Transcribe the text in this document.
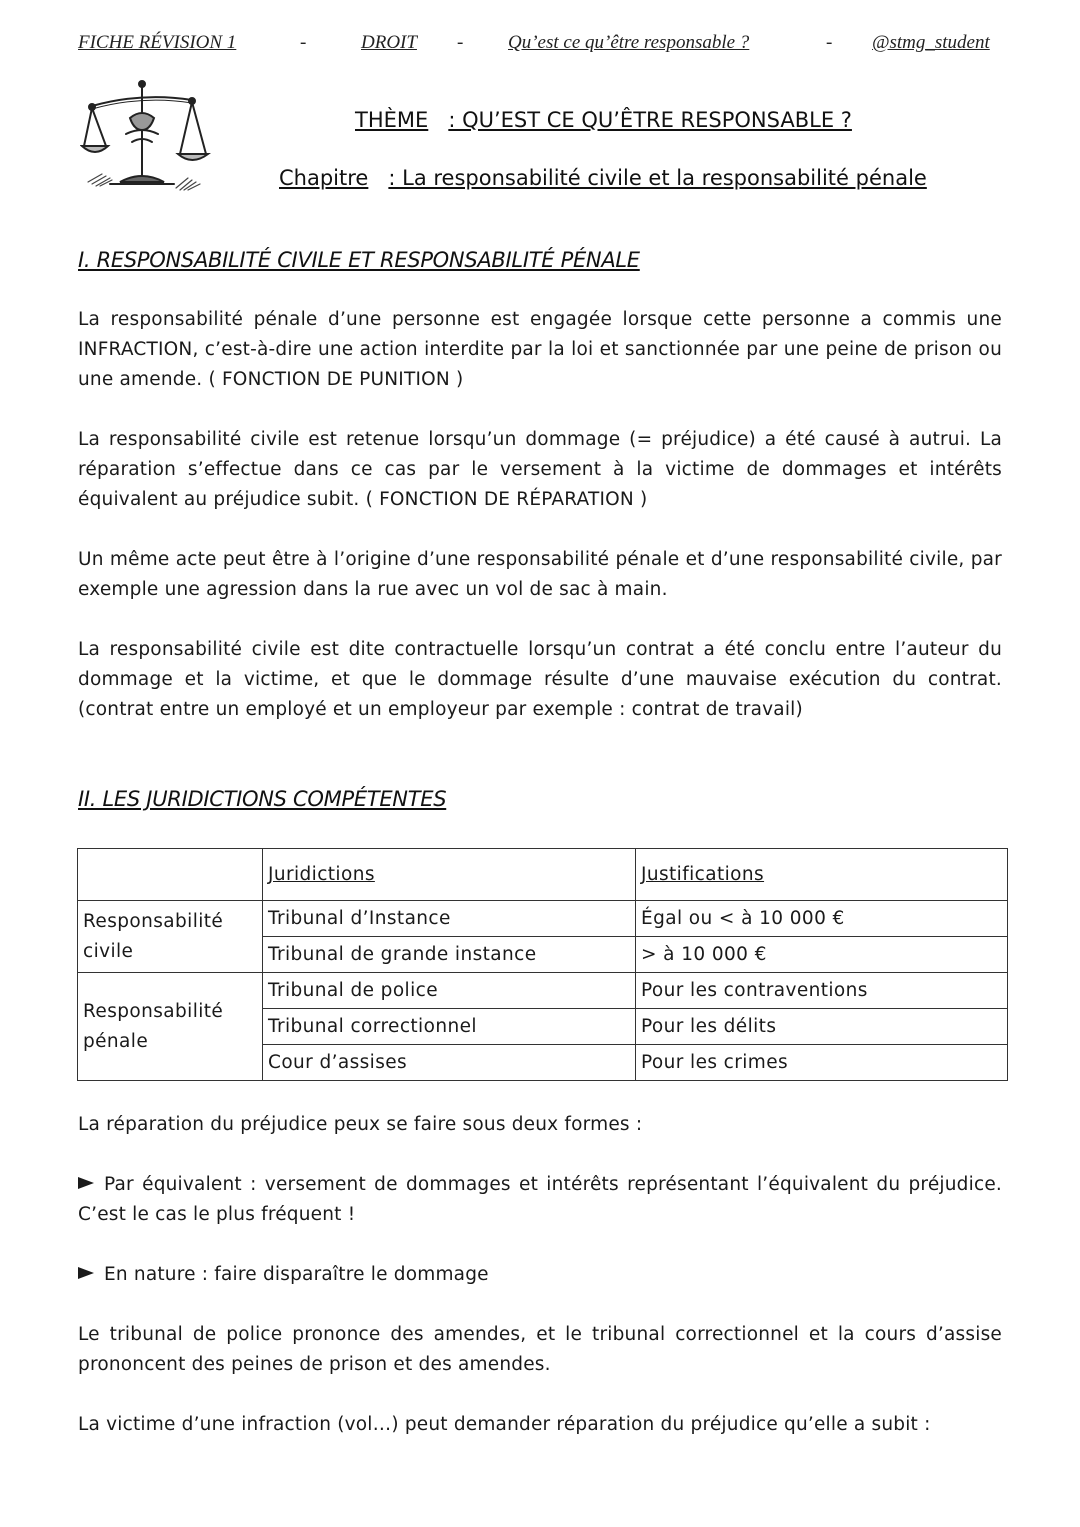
FICHE RÉVISION 1	-	DROIT - Qu’est ce qu’être responsable ?	- @stmg_student
THÈME : QU’EST CE QU’ÊTRE RESPONSABLE ?
Chapitre : La responsabilité civile et la responsabilité pénale
I. RESPONSABILITÉ CIVILE ET RESPONSABILITÉ PÉNALE
La responsabilité pénale d’une personne est engagée lorsque cette personne a commis une INFRACTION, c’est-à-dire une action interdite par la loi et sanctionnée par une peine de prison ou une amende. ( FONCTION DE PUNITION )
La responsabilité civile est retenue lorsqu’un dommage (= préjudice) a été causé à autrui. La réparation s’effectue dans ce cas par le versement à la victime de dommages et intérêts équivalent au préjudice subit. ( FONCTION DE RÉPARATION )
Un même acte peut être à l’origine d’une responsabilité pénale et d’une responsabilité civile, par exemple une agression dans la rue avec un vol de sac à main.
La responsabilité civile est dite contractuelle lorsqu’un contrat a été conclu entre l’auteur du dommage et la victime, et que le dommage résulte d’une mauvaise exécution du contrat. (contrat entre un employé et un employeur par exemple : contrat de travail)
II. LES JURIDICTIONS COMPÉTENTES
	Juridictions	Justifications
Responsabilité civile	Tribunal d’Instance	Égal ou < à 10 000 €
	Tribunal de grande instance	> à 10 000 €
Responsabilité pénale	Tribunal de police	Pour les contraventions
	Tribunal correctionnel	Pour les délits
	Cour d’assises	Pour les crimes
La réparation du préjudice peux se faire sous deux formes :
Par équivalent : versement de dommages et intérêts représentant l’équivalent du préjudice. C’est le cas le plus fréquent !
En nature : faire disparaître le dommage
Le tribunal de police prononce des amendes, et le tribunal correctionnel et la cours d’assise prononcent des peines de prison et des amendes.
La victime d’une infraction (vol…) peut demander réparation du préjudice qu’elle a subit :
